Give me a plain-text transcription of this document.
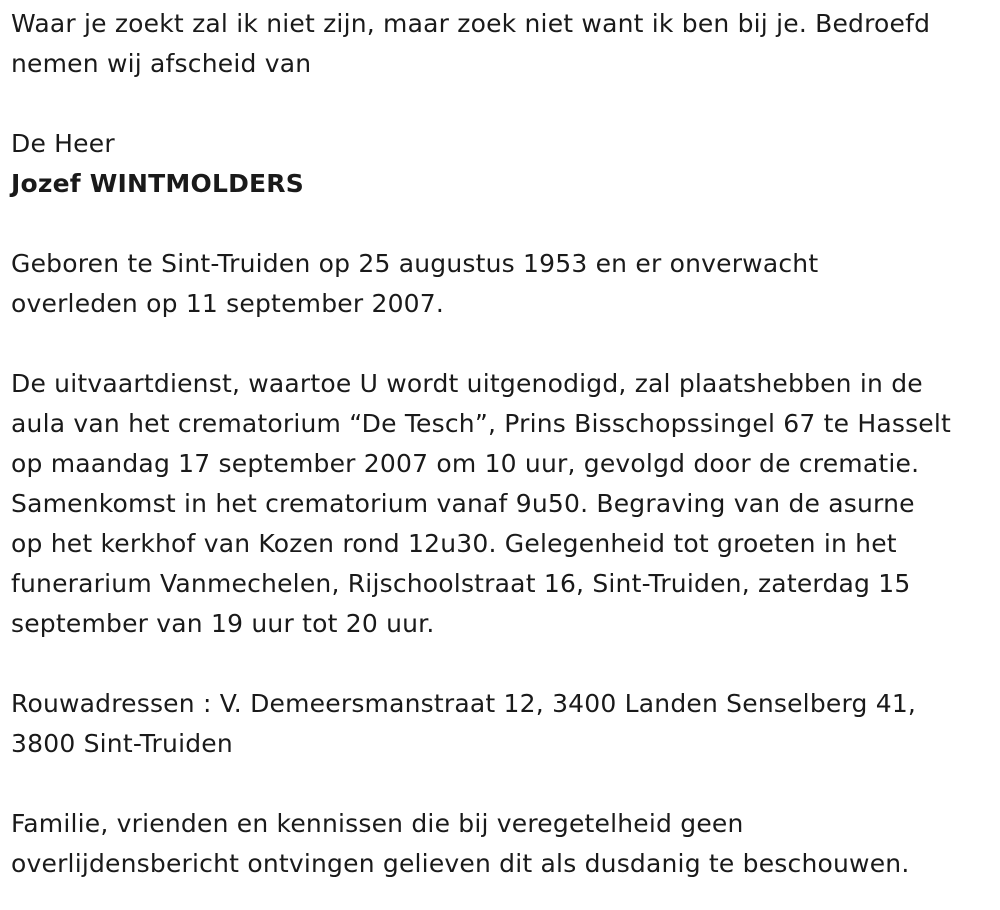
Waar je zoekt zal ik niet zijn, maar zoek niet want ik ben bij je. Bedroefd
nemen wij afscheid van
De Heer
Jozef WINTMOLDERS
Geboren te Sint-Truiden op 25 augustus 1953 en er onverwacht
overleden op 11 september 2007.
De uitvaartdienst, waartoe U wordt uitgenodigd, zal plaatshebben in de
aula van het crematorium “De Tesch”, Prins Bisschopssingel 67 te Hasselt
op maandag 17 september 2007 om 10 uur, gevolgd door de crematie.
Samenkomst in het crematorium vanaf 9u50. Begraving van de asurne
op het kerkhof van Kozen rond 12u30. Gelegenheid tot groeten in het
funerarium Vanmechelen, Rijschoolstraat 16, Sint-Truiden, zaterdag 15
september van 19 uur tot 20 uur.
Rouwadressen : V. Demeersmanstraat 12, 3400 Landen Senselberg 41,
3800 Sint-Truiden
Familie, vrienden en kennissen die bij veregetelheid geen
overlijdensbericht ontvingen gelieven dit als dusdanig te beschouwen.
